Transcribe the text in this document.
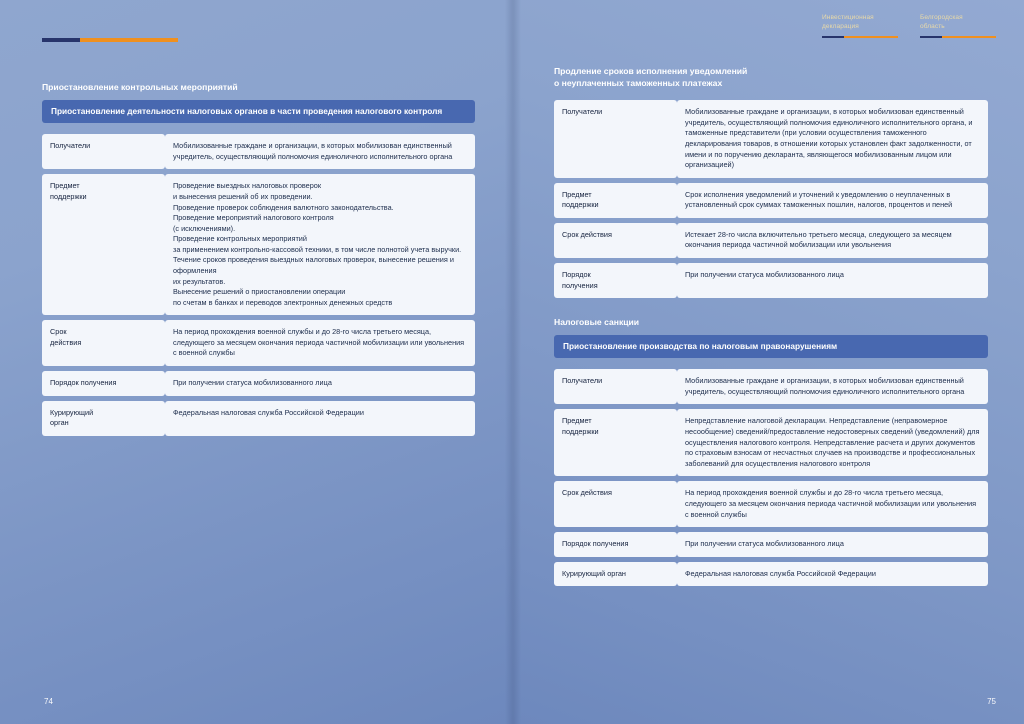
Приостановление контрольных мероприятий
Приостановление деятельности налоговых органов в части проведения налогового контроля
Получатели	Мобилизованные граждане и организации, в которых мобилизован единственный учредитель, осуществляющий полномочия единоличного исполнительного органа
Предмет
поддержки	Проведение выездных налоговых проверок
и вынесения решений об их проведении.
Проведение проверок соблюдения валютного законодательства.
Проведение мероприятий налогового контроля
(с исключениями).
Проведение контрольных мероприятий
за применением контрольно-кассовой техники, в том числе полнотой учета выручки.
Течение сроков проведения выездных налоговых проверок, вынесение решения и оформления
их результатов.
Вынесение решений о приостановлении операции
по счетам в банках и переводов электронных денежных средств
Срок
действия	На период прохождения военной службы и до 28-го числа третьего месяца, следующего за месяцем окончания периода частичной мобилизации или увольнения
с военной службы
Порядок получения	При получении статуса мобилизованного лица
Курирующий
орган	Федеральная налоговая служба Российской Федерации
74
Инвестиционная
декларация
Белгородская
область
Продление сроков исполнения уведомлений
о неуплаченных таможенных платежах
Получатели	Мобилизованные граждане и организации, в которых мобилизован единственный учредитель, осуществляющий полномочия единоличного исполнительного органа, и таможенные представители (при условии осуществления таможенного декларирования товаров, в отношении которых установлен факт задолженности, от имени и по поручению декларанта, являющегося мобилизованным лицом или организацией)
Предмет
поддержки	Срок исполнения уведомлений и уточнений к уведомлению о неуплаченных в установленный срок суммах таможенных пошлин, налогов, процентов и пеней
Срок действия	Истекает 28-го числа включительно третьего месяца, следующего за месяцем окончания периода частичной мобилизации или увольнения
Порядок
получения	При получении статуса мобилизованного лица
Налоговые санкции
Приостановление производства по налоговым правонарушениям
Получатели	Мобилизованные граждане и организации, в которых мобилизован единственный учредитель, осуществляющий полномочия единоличного исполнительного органа
Предмет
поддержки	Непредставление налоговой декларации. Непредставление (неправомерное несообщение) сведений/предоставление недостоверных сведений (уведомлений) для осуществления налогового контроля. Непредставление расчета и других документов по страховым взносам от несчастных случаев на производстве и профессиональных заболеваний для осуществления налогового контроля
Срок действия	На период прохождения военной службы и до 28-го числа третьего месяца, следующего за месяцем окончания периода частичной мобилизации или увольнения
с военной службы
Порядок получения	При получении статуса мобилизованного лица
Курирующий орган	Федеральная налоговая служба Российской Федерации
75
